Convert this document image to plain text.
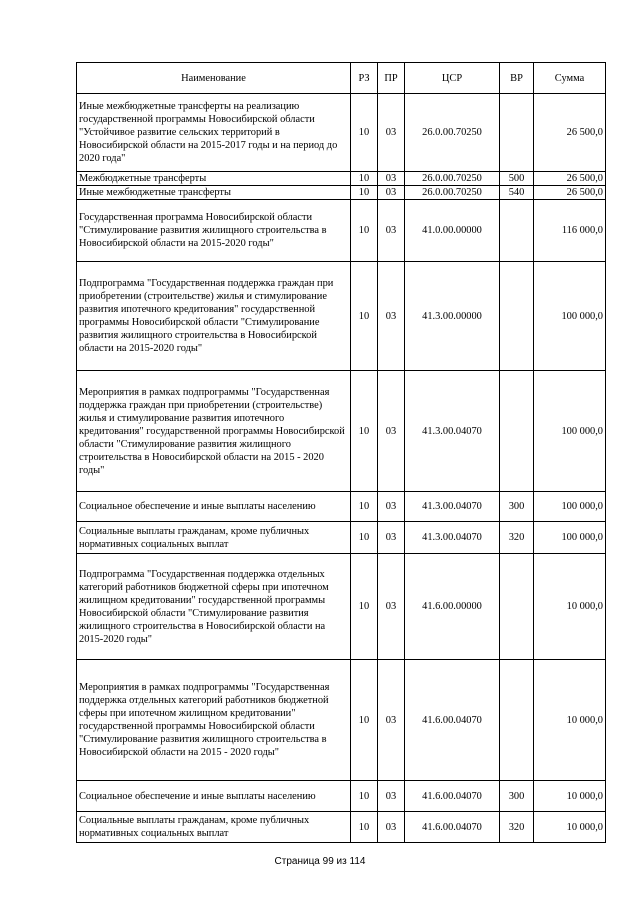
Наименование	РЗ	ПР	ЦСР	ВР	Сумма
Иные межбюджетные трансферты на реализацию государственной программы Новосибирской области "Устойчивое развитие сельских территорий в Новосибирской области на 2015-2017 годы и на период до 2020 года"	10	03	26.0.00.70250		26 500,0
Межбюджетные трансферты	10	03	26.0.00.70250	500	26 500,0
Иные межбюджетные трансферты	10	03	26.0.00.70250	540	26 500,0
Государственная программа Новосибирской области "Стимулирование развития жилищного строительства в Новосибирской области на 2015-2020 годы"	10	03	41.0.00.00000		116 000,0
Подпрограмма "Государственная поддержка граждан при приобретении (строительстве) жилья и стимулирование развития ипотечного кредитования" государственной программы Новосибирской области "Стимулирование развития жилищного строительства в Новосибирской области на 2015-2020 годы"	10	03	41.3.00.00000		100 000,0
Мероприятия в рамках подпрограммы "Государственная поддержка граждан при приобретении (строительстве) жилья и стимулирование развития ипотечного кредитования" государственной программы Новосибирской области "Стимулирование развития жилищного строительства в Новосибирской области на 2015 - 2020 годы"	10	03	41.3.00.04070		100 000,0
Социальное обеспечение и иные выплаты населению	10	03	41.3.00.04070	300	100 000,0
Социальные выплаты гражданам, кроме публичных нормативных социальных выплат	10	03	41.3.00.04070	320	100 000,0
Подпрограмма "Государственная поддержка отдельных категорий работников бюджетной сферы при ипотечном жилищном кредитовании" государственной программы Новосибирской области "Стимулирование развития жилищного строительства в Новосибирской области на 2015-2020 годы"	10	03	41.6.00.00000		10 000,0
Мероприятия в рамках подпрограммы "Государственная поддержка отдельных категорий работников бюджетной сферы при ипотечном жилищном кредитовании" государственной программы Новосибирской области "Стимулирование развития жилищного строительства в Новосибирской области на 2015 - 2020 годы"	10	03	41.6.00.04070		10 000,0
Социальное обеспечение и иные выплаты населению	10	03	41.6.00.04070	300	10 000,0
Социальные выплаты гражданам, кроме публичных нормативных социальных выплат	10	03	41.6.00.04070	320	10 000,0
Страница 99 из 114
